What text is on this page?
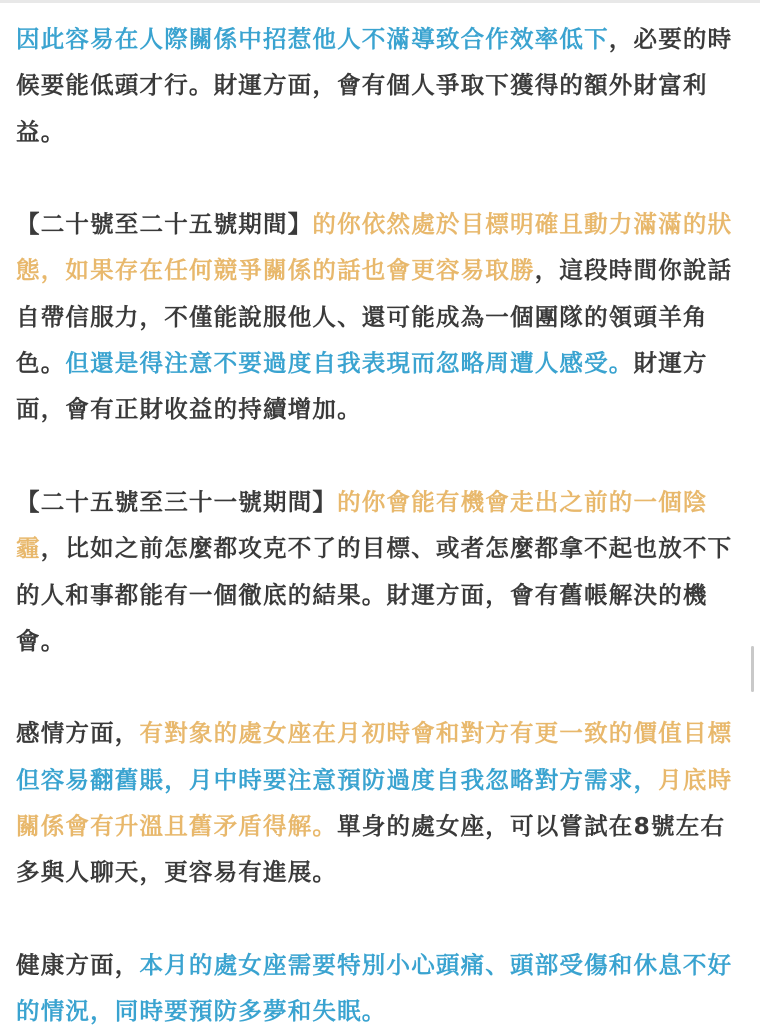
因此容易在人際關係中招惹他人不滿導致合作效率低下，必要的時候要能低頭才行。財運方面，會有個人爭取下獲得的額外財富利益。

【二十號至二十五號期間】的你依然處於目標明確且動力滿滿的狀態，如果存在任何競爭關係的話也會更容易取勝，這段時間你說話自帶信服力，不僅能說服他人、還可能成為一個團隊的領頭羊角色。但還是得注意不要過度自我表現而忽略周遭人感受。財運方面，會有正財收益的持續增加。

【二十五號至三十一號期間】的你會能有機會走出之前的一個陰霾，比如之前怎麼都攻克不了的目標、或者怎麼都拿不起也放不下的人和事都能有一個徹底的結果。財運方面，會有舊帳解決的機會。

感情方面，有對象的處女座在月初時會和對方有更一致的價值目標但容易翻舊賬，月中時要注意預防過度自我忽略對方需求，月底時關係會有升溫且舊矛盾得解。單身的處女座，可以嘗試在8號左右多與人聊天，更容易有進展。

健康方面，本月的處女座需要特別小心頭痛、頭部受傷和休息不好的情況，同時要預防多夢和失眠。
